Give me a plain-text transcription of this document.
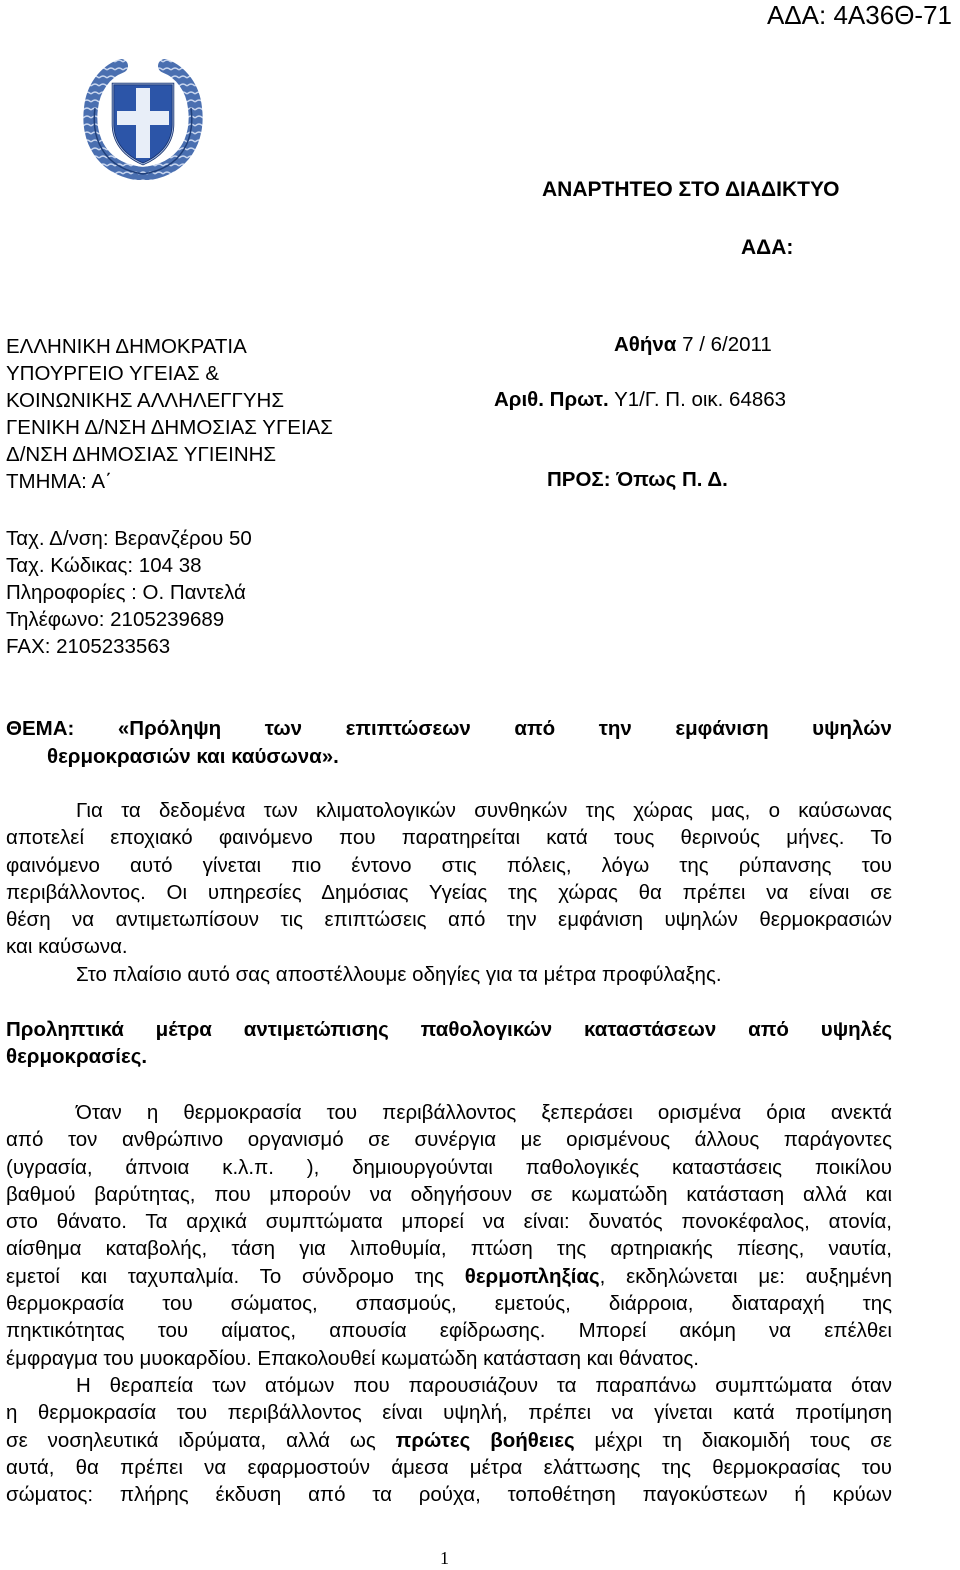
ΑΔΑ: 4Α36Θ-71
ΑΝΑΡΤΗΤΕΟ ΣΤΟ ΔΙΑΔΙΚΤΥΟ
ΑΔΑ:
ΕΛΛΗΝΙΚΗ ΔΗΜΟΚΡΑΤΙΑ
ΥΠΟΥΡΓΕΙΟ ΥΓΕΙΑΣ &
ΚΟΙΝΩΝΙΚΗΣ ΑΛΛΗΛΕΓΓΥΗΣ
ΓΕΝΙΚΗ Δ/ΝΣΗ ΔΗΜΟΣΙΑΣ ΥΓΕΙΑΣ
Δ/ΝΣΗ ΔΗΜΟΣΙΑΣ ΥΓΙΕΙΝΗΣ
ΤΜΗΜΑ: Α΄
Αθήνα 7 / 6/2011
Αριθ. Πρωτ. Υ1/Γ. Π. οικ. 64863
ΠΡΟΣ: Όπως Π. Δ.
Ταχ. Δ/νση: Βερανζέρου 50
Ταχ. Κώδικας: 104 38
Πληροφορίες : Ο. Παντελά
Τηλέφωνο: 2105239689
FAX: 2105233563
ΘΕΜΑ: «Πρόληψη των επιπτώσεων από την εμφάνιση υψηλών
θερμοκρασιών και καύσωνα».
Για τα δεδομένα των κλιματολογικών συνθηκών της χώρας μας, ο καύσωνας
αποτελεί εποχιακό φαινόμενο που παρατηρείται κατά τους θερινούς μήνες. Το
φαινόμενο αυτό γίνεται πιο έντονο στις πόλεις, λόγω της ρύπανσης του
περιβάλλοντος. Οι υπηρεσίες Δημόσιας Υγείας της χώρας θα πρέπει να είναι σε
θέση να αντιμετωπίσουν τις επιπτώσεις από την εμφάνιση υψηλών θερμοκρασιών
και καύσωνα.
Στο πλαίσιο αυτό σας αποστέλλουμε οδηγίες για τα μέτρα προφύλαξης.
Προληπτικά μέτρα αντιμετώπισης παθολογικών καταστάσεων από υψηλές
θερμοκρασίες.
Όταν η θερμοκρασία του περιβάλλοντος ξεπεράσει ορισμένα όρια ανεκτά
από τον ανθρώπινο οργανισμό σε συνέργια με ορισμένους άλλους παράγοντες
(υγρασία, άπνοια κ.λ.π. ), δημιουργούνται παθολογικές καταστάσεις ποικίλου
βαθμού βαρύτητας, που μπορούν να οδηγήσουν σε κωματώδη κατάσταση αλλά και
στο θάνατο. Τα αρχικά συμπτώματα μπορεί να είναι: δυνατός πονοκέφαλος, ατονία,
αίσθημα καταβολής, τάση για λιποθυμία, πτώση της αρτηριακής πίεσης, ναυτία,
εμετοί και ταχυπαλμία. Το σύνδρομο της θερμοπληξίας, εκδηλώνεται με: αυξημένη
θερμοκρασία του σώματος, σπασμούς, εμετούς, διάρροια, διαταραχή της
πηκτικότητας του αίματος, απουσία εφίδρωσης. Μπορεί ακόμη να επέλθει
έμφραγμα του μυοκαρδίου. Επακολουθεί κωματώδη κατάσταση και θάνατος.
Η θεραπεία των ατόμων που παρουσιάζουν τα παραπάνω συμπτώματα όταν
η θερμοκρασία του περιβάλλοντος είναι υψηλή, πρέπει να γίνεται κατά προτίμηση
σε νοσηλευτικά ιδρύματα, αλλά ως πρώτες βοήθειες μέχρι τη διακομιδή τους σε
αυτά, θα πρέπει να εφαρμοστούν άμεσα μέτρα ελάττωσης της θερμοκρασίας του
σώματος: πλήρης έκδυση από τα ρούχα, τοποθέτηση παγοκύστεων ή κρύων
1
